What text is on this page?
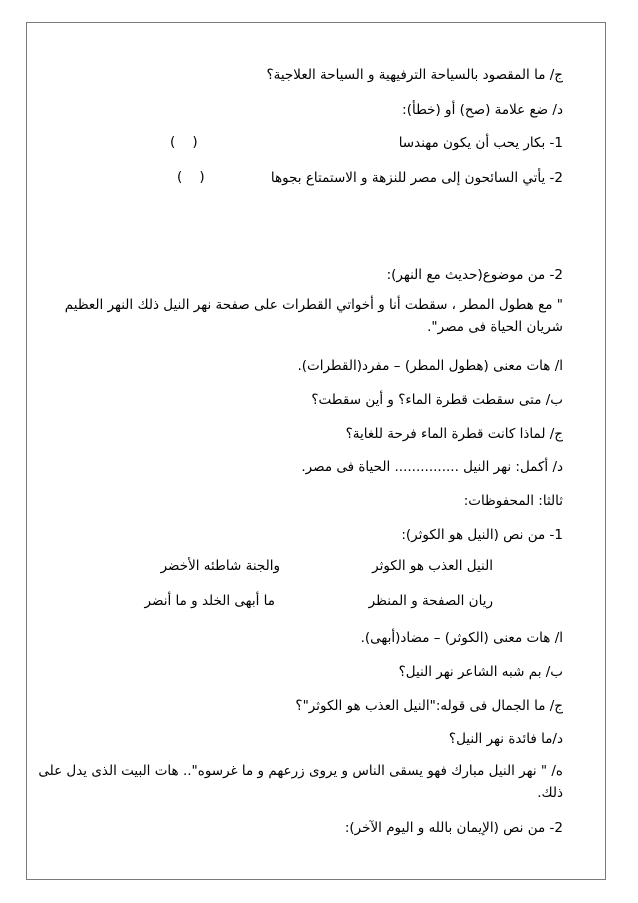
ج/ ما المقصود بالسياحة الترفيهية و السياحة العلاجية؟
د/ ضع علامة (صح) أو (خطأ):
1- بكار يحب أن يكون مهندسا
(    )
2- يأتي السائحون إلى مصر للنزهة و الاستمتاع بجوها
(    )
2- من موضوع(حديث مع النهر):
" مع هطول المطر ، سقطت أنا و أخواتي القطرات على صفحة نهر النيل ذلك النهر العظيم شريان الحياة فى مصر".
ا/ هات معنى (هطول المطر) – مفرد(القطرات).
ب/ متى سقطت قطرة الماء؟ و أين سقطت؟
ج/ لماذا كانت قطرة الماء فرحة للغاية؟
د/ أكمل: نهر النيل ............... الحياة فى مصر.
ثالثا: المحفوظات:
1- من نص (النيل هو الكوثر):
النيل العذب هو الكوثر
والجنة شاطئه الأخضر
ريان الصفحة و المنظر
ما أبهى الخلد و ما أنضر
ا/ هات معنى (الكوثر) – مضاد(أبهى).
ب/ بم شبه الشاعر نهر النيل؟
ج/ ما الجمال فى قوله:"النيل العذب هو الكوثر"؟
د/ما فائدة نهر النيل؟
ه/ " نهر النيل مبارك فهو يسقى الناس و يروى زرعهم و ما غرسوه".. هات البيت الذى يدل على ذلك.
2- من نص (الإيمان بالله و اليوم الآخر):
